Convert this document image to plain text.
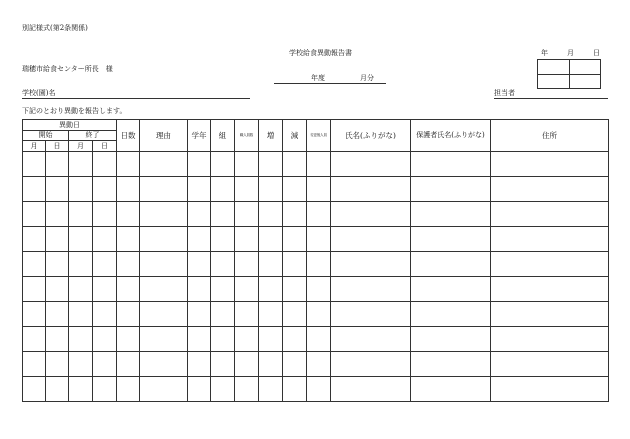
別記様式(第2条関係)
学校給食異動報告書	年	月	日
瑞穂市給食センター所長　様
年度	月分
学校(園)名	担当者
下記のとおり異動を報告します。
異動日				日数	理由	学年	組	職人員数	増	減	変更後人員	氏名(ふりがな)	保護者氏名(ふりがな)	住所
開始		終了												
月	日	月	日											
